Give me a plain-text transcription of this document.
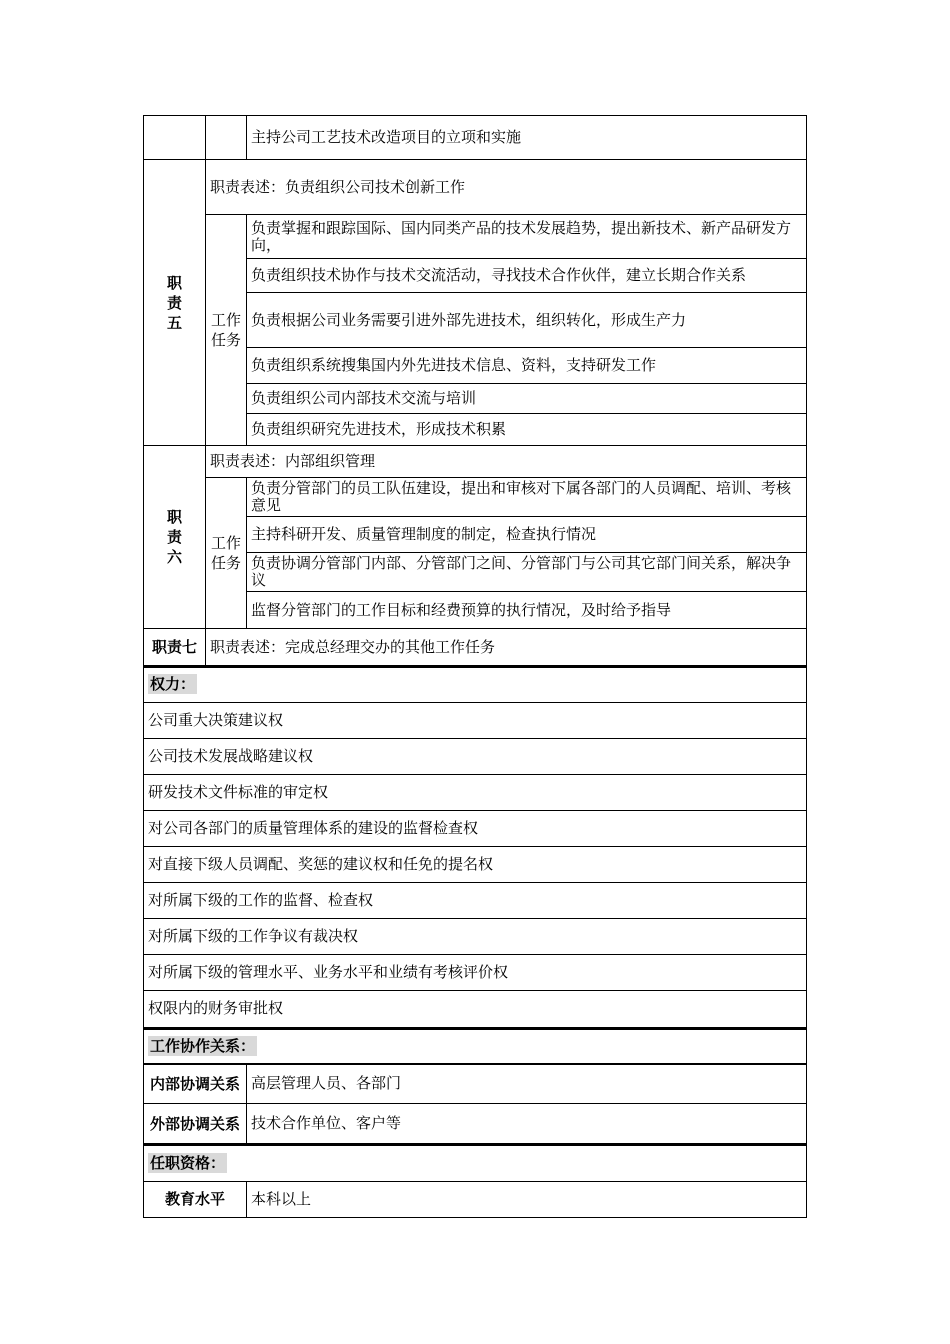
		主持公司工艺技术改造项目的立项和实施
职责五	职责表述：负责组织公司技术创新工作	
	工作任务	负责掌握和跟踪国际、国内同类产品的技术发展趋势，提出新技术、新产品研发方向，
		负责组织技术协作与技术交流活动，寻找技术合作伙伴，建立长期合作关系
		负责根据公司业务需要引进外部先进技术，组织转化，形成生产力
		负责组织系统搜集国内外先进技术信息、资料，支持研发工作
		负责组织公司内部技术交流与培训
		负责组织研究先进技术，形成技术积累
职责六	职责表述：内部组织管理	
	工作任务	负责分管部门的员工队伍建设，提出和审核对下属各部门的人员调配、培训、考核意见
		主持科研开发、质量管理制度的制定，检查执行情况
		负责协调分管部门内部、分管部门之间、分管部门与公司其它部门间关系，解决争议
		监督分管部门的工作目标和经费预算的执行情况，及时给予指导
职责七	职责表述：完成总经理交办的其他工作任务	
权力：
公司重大决策建议权
公司技术发展战略建议权
研发技术文件标准的审定权
对公司各部门的质量管理体系的建设的监督检查权
对直接下级人员调配、奖惩的建议权和任免的提名权
对所属下级的工作的监督、检查权
对所属下级的工作争议有裁决权
对所属下级的管理水平、业务水平和业绩有考核评价权
权限内的财务审批权
工作协作关系：	
内部协调关系	高层管理人员、各部门
外部协调关系	技术合作单位、客户等
任职资格：
教育水平	本科以上
